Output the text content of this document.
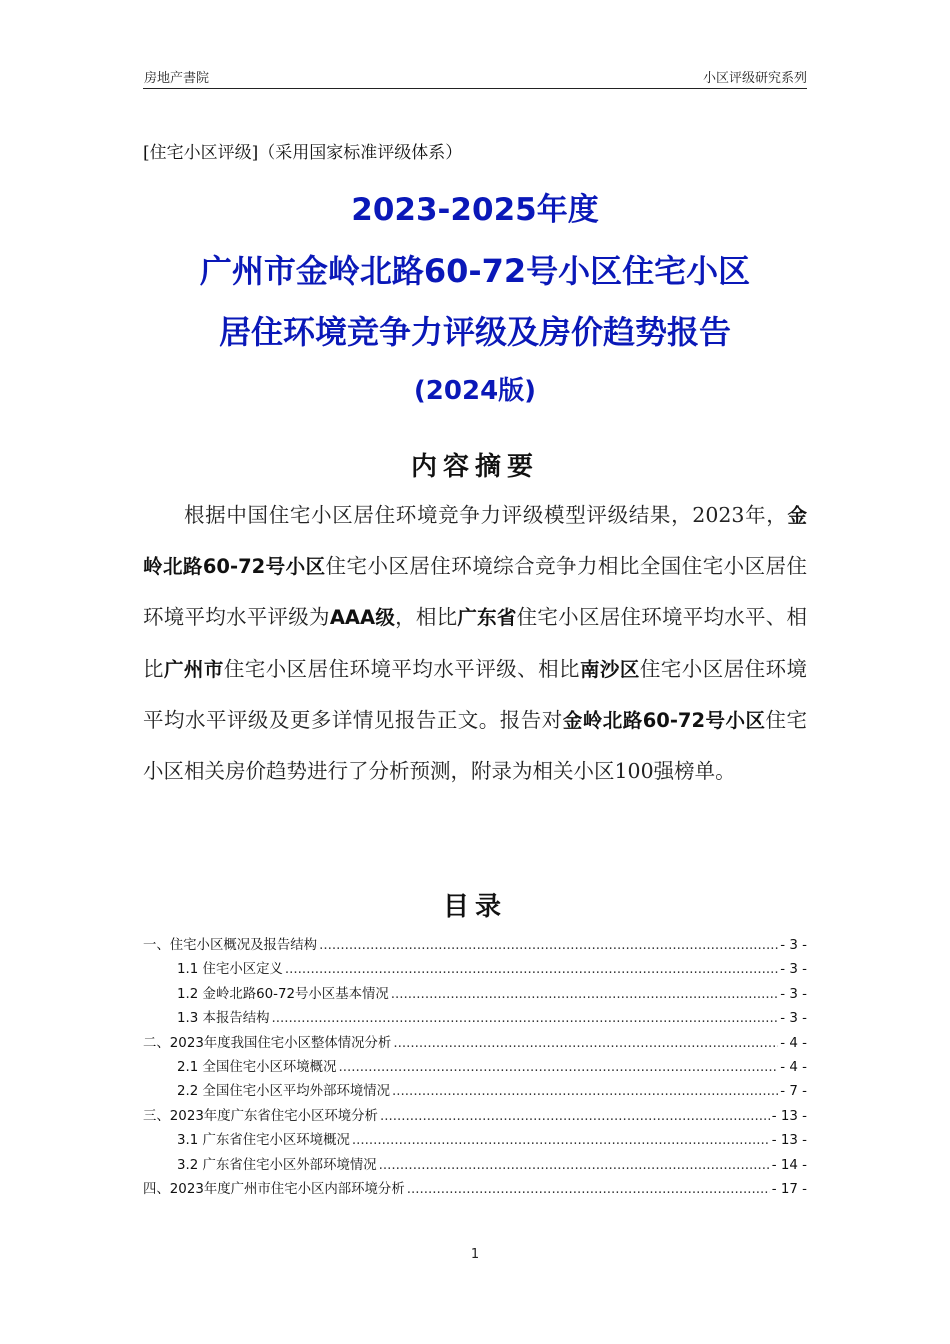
房地产書院	小区评级研究系列
[住宅小区评级]（采用国家标准评级体系）
2023-2025年度
广州市金岭北路60-72号小区住宅小区
居住环境竞争力评级及房价趋势报告
(2024版)
内容摘要

根据中国住宅小区居住环境竞争力评级模型评级结果，2023年，金岭北路60-72号小区住宅小区居住环境综合竞争力相比全国住宅小区居住环境平均水平评级为AAA级，相比广东省住宅小区居住环境平均水平、相比广州市住宅小区居住环境平均水平评级、相比南沙区住宅小区居住环境平均水平评级及更多详情见报告正文。报告对金岭北路60-72号小区住宅小区相关房价趋势进行了分析预测，附录为相关小区100强榜单。

目录
一、住宅小区概况及报告结构 .....	- 3 -
1.1 住宅小区定义 .....	- 3 -
1.2 金岭北路60-72号小区基本情况 .....	- 3 -
1.3 本报告结构 .....	- 3 -
二、2023年度我国住宅小区整体情况分析 .....	- 4 -
2.1 全国住宅小区环境概况 .....	- 4 -
2.2 全国住宅小区平均外部环境情况 .....	- 7 -
三、2023年度广东省住宅小区环境分析 .....	- 13 -
3.1 广东省住宅小区环境概况 .....	- 13 -
3.2 广东省住宅小区外部环境情况 .....	- 14 -
四、2023年度广州市住宅小区内部环境分析 .....	- 17 -
1
